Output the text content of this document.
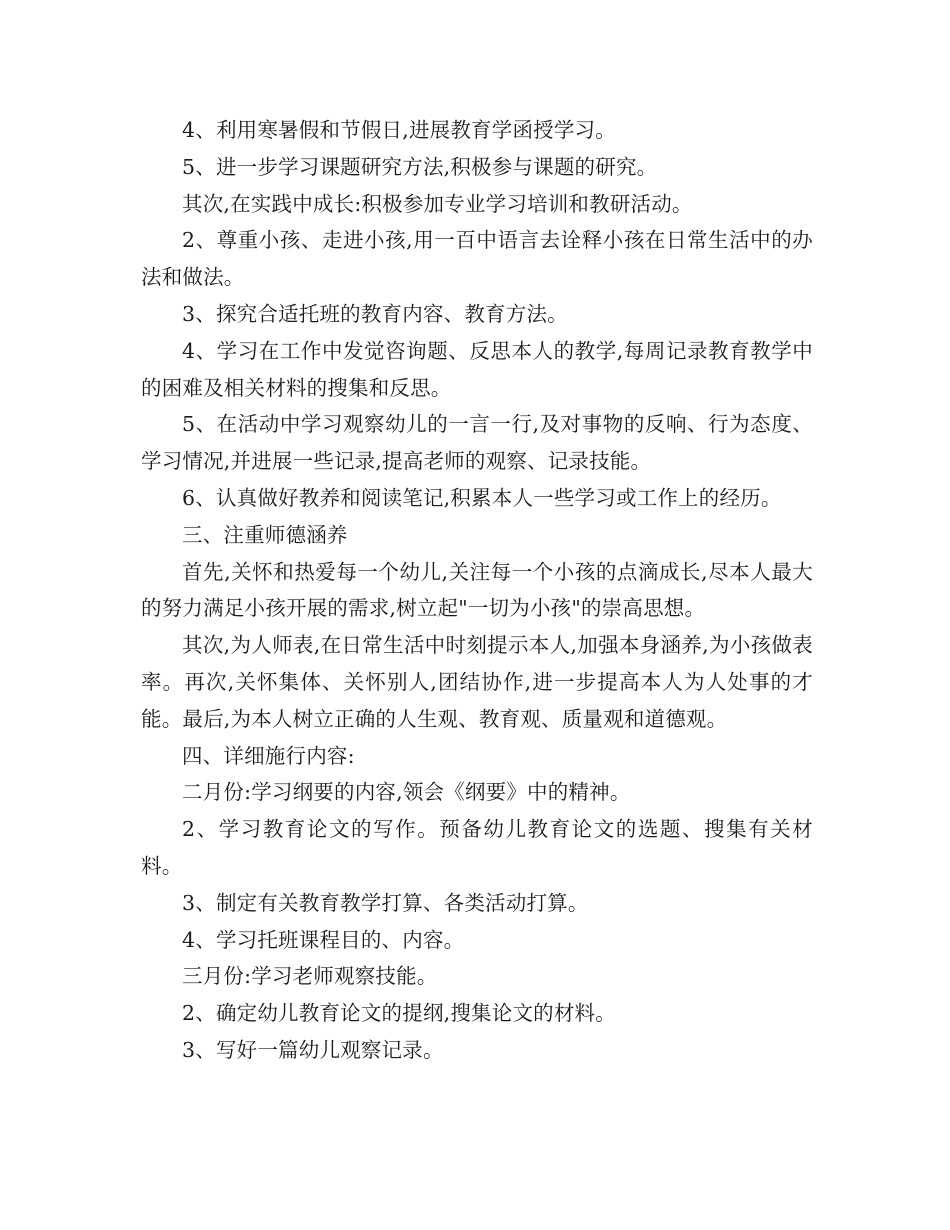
4、利用寒暑假和节假日,进展教育学函授学习。

5、进一步学习课题研究方法,积极参与课题的研究。

其次,在实践中成长:积极参加专业学习培训和教研活动。

2、尊重小孩、走进小孩,用一百中语言去诠释小孩在日常生活中的办法和做法。

3、探究合适托班的教育内容、教育方法。

4、学习在工作中发觉咨询题、反思本人的教学,每周记录教育教学中的困难及相关材料的搜集和反思。

5、在活动中学习观察幼儿的一言一行,及对事物的反响、行为态度、学习情况,并进展一些记录,提高老师的观察、记录技能。

6、认真做好教养和阅读笔记,积累本人一些学习或工作上的经历。

三、注重师德涵养

首先,关怀和热爱每一个幼儿,关注每一个小孩的点滴成长,尽本人最大的努力满足小孩开展的需求,树立起"一切为小孩"的崇高思想。

其次,为人师表,在日常生活中时刻提示本人,加强本身涵养,为小孩做表率。再次,关怀集体、关怀别人,团结协作,进一步提高本人为人处事的才能。最后,为本人树立正确的人生观、教育观、质量观和道德观。

四、详细施行内容:

二月份:学习纲要的内容,领会《纲要》中的精神。

2、学习教育论文的写作。预备幼儿教育论文的选题、搜集有关材料。

3、制定有关教育教学打算、各类活动打算。

4、学习托班课程目的、内容。

三月份:学习老师观察技能。

2、确定幼儿教育论文的提纲,搜集论文的材料。

3、写好一篇幼儿观察记录。
